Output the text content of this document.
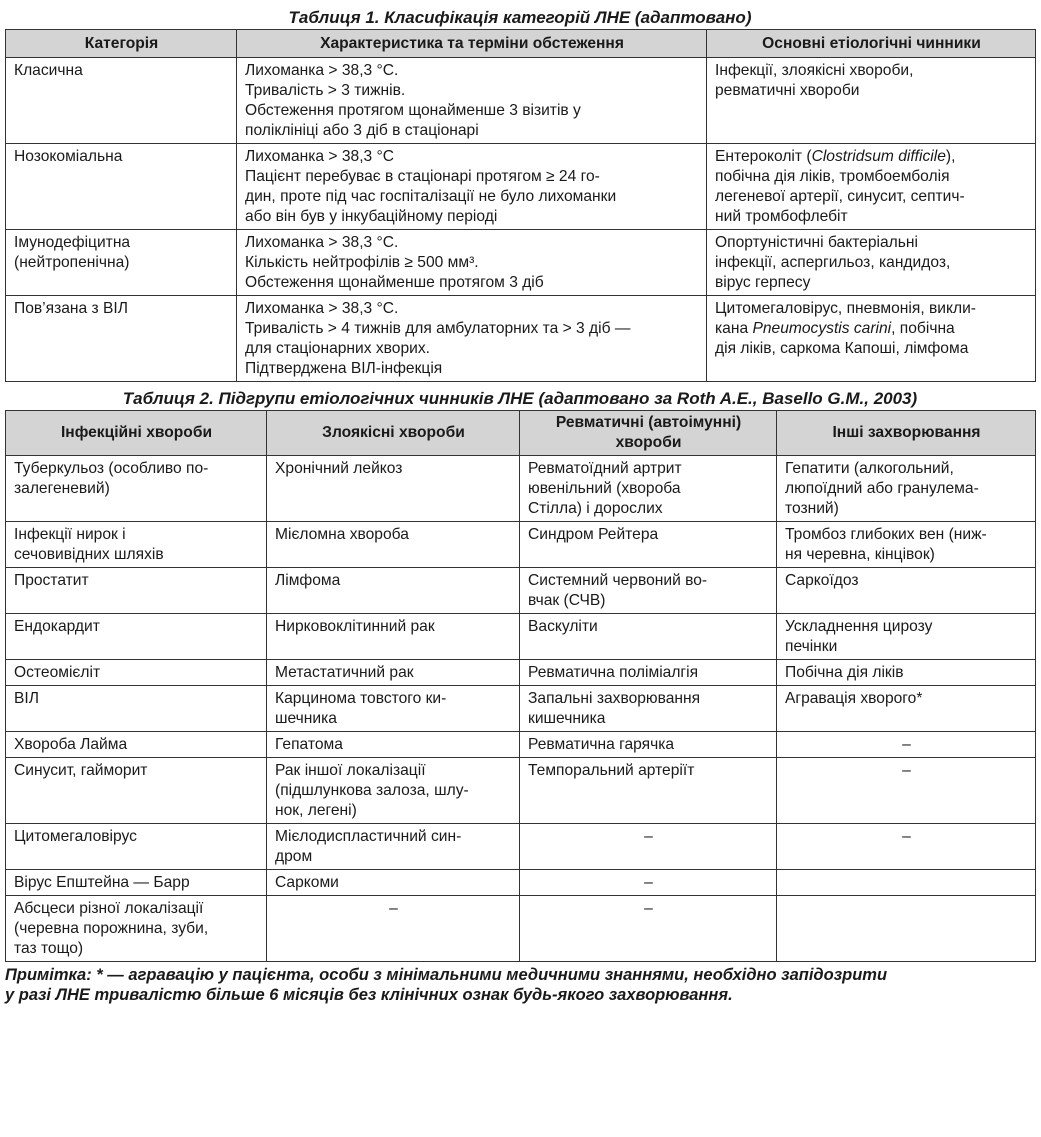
Таблиця 1. Класифікація категорій ЛНЕ (адаптовано)
Категорія	Характеристика та терміни обстеження	Основні етіологічні чинники

Класична	Лихоманка > 38,3 °С.
Тривалість > 3 тижнів.
Обстеження протягом щонайменше 3 візитів у
поліклініці або 3 діб в стаціонарі	Інфекції, злоякісні хвороби,
ревматичні хвороби

Нозокоміальна	Лихоманка > 38,3 °С
Пацієнт перебуває в стаціонарі протягом ≥ 24 го-
дин, проте під час госпіталізації не було лихоманки
або він був у інкубаційному періоді	Ентероколіт (Clostridsum difficile),
побічна дія ліків, тромбоемболія
легеневої артерії, синусит, септич-
ний тромбофлебіт

Імунодефіцитна
(нейтропенічна)	Лихоманка > 38,3 °С.
Кількість нейтрофілів ≥ 500 мм³.
Обстеження щонайменше протягом 3 діб	Опортуністичні бактеріальні
інфекції, аспергильоз, кандидоз,
вірус герпесу

Пов’язана з ВІЛ	Лихоманка > 38,3 °С.
Тривалість > 4 тижнів для амбулаторних та > 3 діб —
для стаціонарних хворих.
Підтверджена ВІЛ-інфекція	Цитомегаловірус, пневмонія, викли-
кана Pneumocystis carini, побічна
дія ліків, саркома Капоші, лімфома
Таблиця 2. Підгрупи етіологічних чинників ЛНЕ (адаптовано за Roth A.E., Basello G.M., 2003)
Інфекційні хвороби	Злоякісні хвороби	Ревматичні (автоімунні)
хвороби	Інші захворювання

Туберкульоз (особливо по-
залегеневий)	Хронічний лейкоз	Ревматоїдний артрит
ювенільний (хвороба
Стілла) і дорослих	Гепатити (алкогольний,
люпоїдний або гранулема-
тозний)

Інфекції нирок і
сечовивідних шляхів	Мієломна хвороба	Синдром Рейтера	Тромбоз глибоких вен (ниж-
ня черевна, кінцівок)

Простатит	Лімфома	Системний червоний во-
вчак (СЧВ)	Саркоїдоз

Ендокардит	Нирковоклітинний рак	Васкуліти	Ускладнення цирозу
печінки

Остеомієліт	Метастатичний рак	Ревматична поліміалгія	Побічна дія ліків

ВІЛ	Карцинома товстого ки-
шечника	Запальні захворювання
кишечника	Агравація хворого*

Хвороба Лайма	Гепатома	Ревматична гарячка	–

Синусит, гайморит	Рак іншої локалізації
(підшлункова залоза, шлу-
нок, легені)	Темпоральний артеріїт	–

Цитомегаловірус	Мієлодиспластичний син-
дром	–	–

Вірус Епштейна — Барр	Саркоми	–	

Абсцеси різної локалізації
(черевна порожнина, зуби,
таз тощо)	–	–	

Примітка: * — агравацію у пацієнта, особи з мінімальними медичними знаннями, необхідно запідозрити
у разі ЛНЕ тривалістю більше 6 місяців без клінічних ознак будь-якого захворювання.
